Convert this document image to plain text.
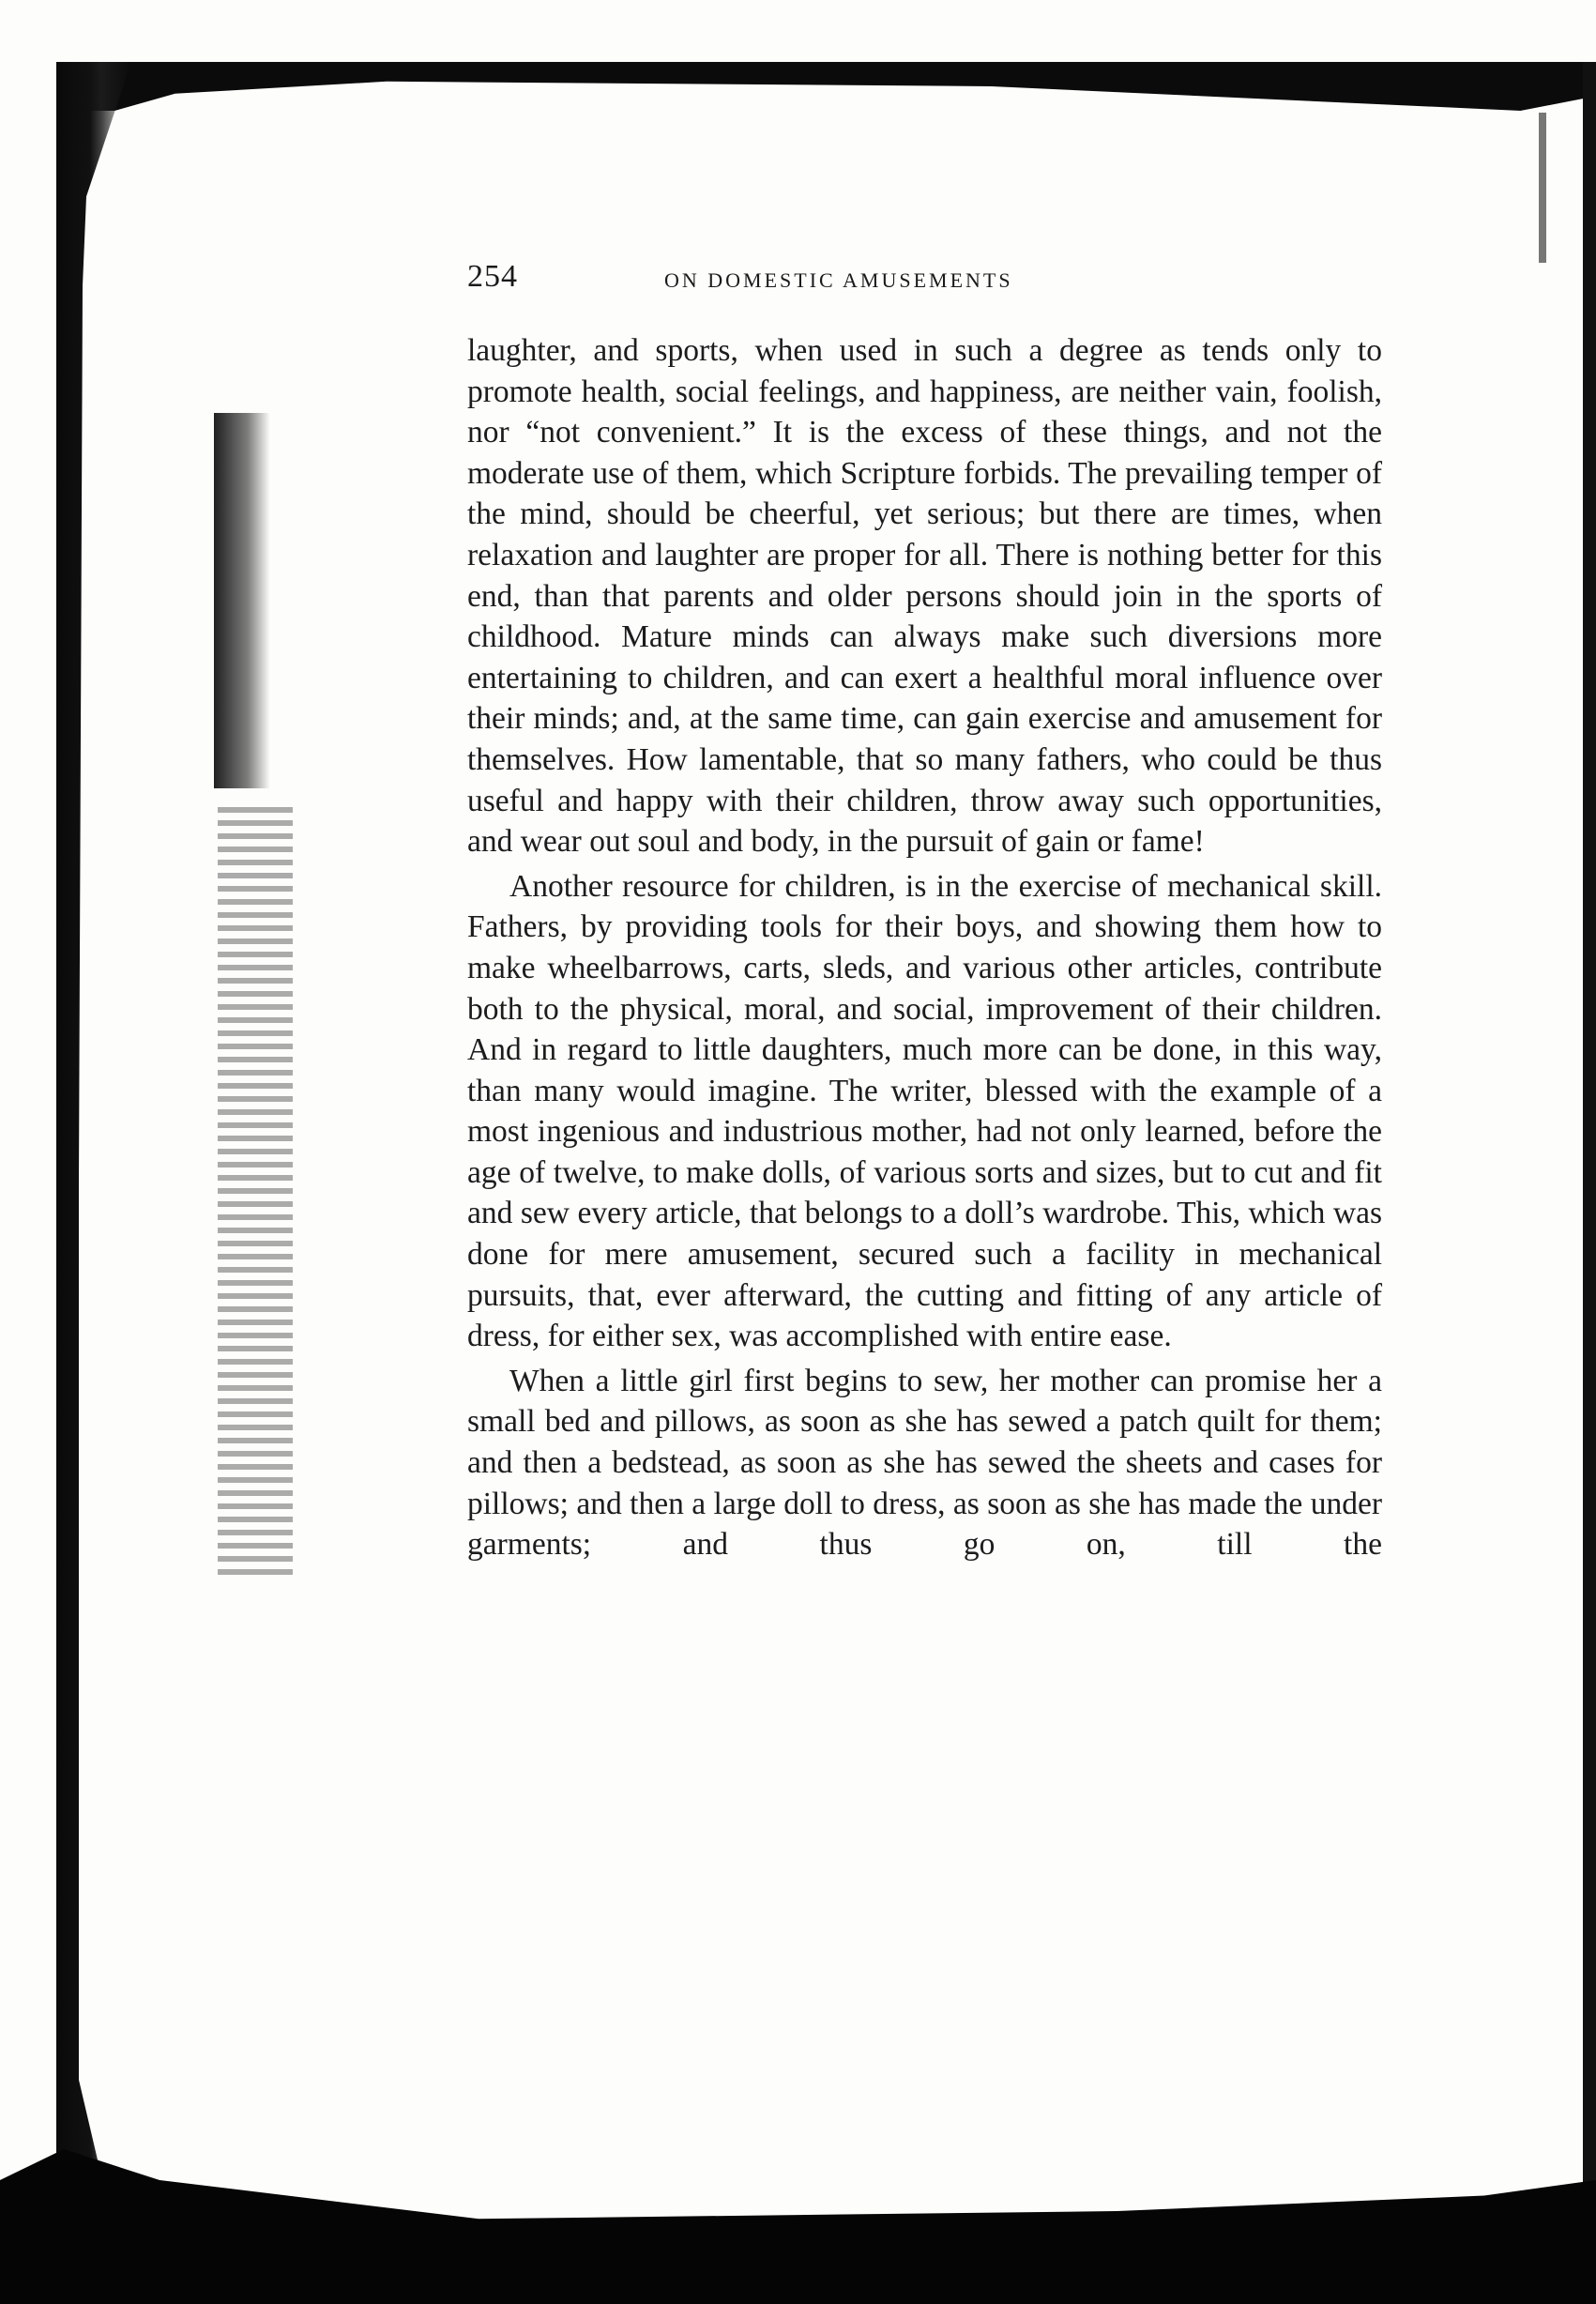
254	ON DOMESTIC AMUSEMENTS

laughter, and sports, when used in such a degree as tends only to promote health, social feelings, and happiness, are neither vain, foolish, nor “not convenient.” It is the excess of these things, and not the moderate use of them, which Scripture forbids. The prevailing temper of the mind, should be cheerful, yet serious; but there are times, when relaxation and laughter are proper for all. There is nothing better for this end, than that parents and older persons should join in the sports of childhood. Mature minds can always make such diversions more entertaining to children, and can exert a healthful moral influence over their minds; and, at the same time, can gain exercise and amusement for themselves. How lamentable, that so many fathers, who could be thus useful and happy with their children, throw away such opportunities, and wear out soul and body, in the pursuit of gain or fame!

Another resource for children, is in the exercise of mechanical skill. Fathers, by providing tools for their boys, and showing them how to make wheelbarrows, carts, sleds, and various other articles, contribute both to the physical, moral, and social, improvement of their children. And in regard to little daughters, much more can be done, in this way, than many would imagine. The writer, blessed with the example of a most ingenious and industrious mother, had not only learned, before the age of twelve, to make dolls, of various sorts and sizes, but to cut and fit and sew every article, that belongs to a doll’s wardrobe. This, which was done for mere amusement, secured such a facility in mechanical pursuits, that, ever afterward, the cutting and fitting of any article of dress, for either sex, was accomplished with entire ease.

When a little girl first begins to sew, her mother can promise her a small bed and pillows, as soon as she has sewed a patch quilt for them; and then a bedstead, as soon as she has sewed the sheets and cases for pillows; and then a large doll to dress, as soon as she has made the under garments; and thus go on, till the
